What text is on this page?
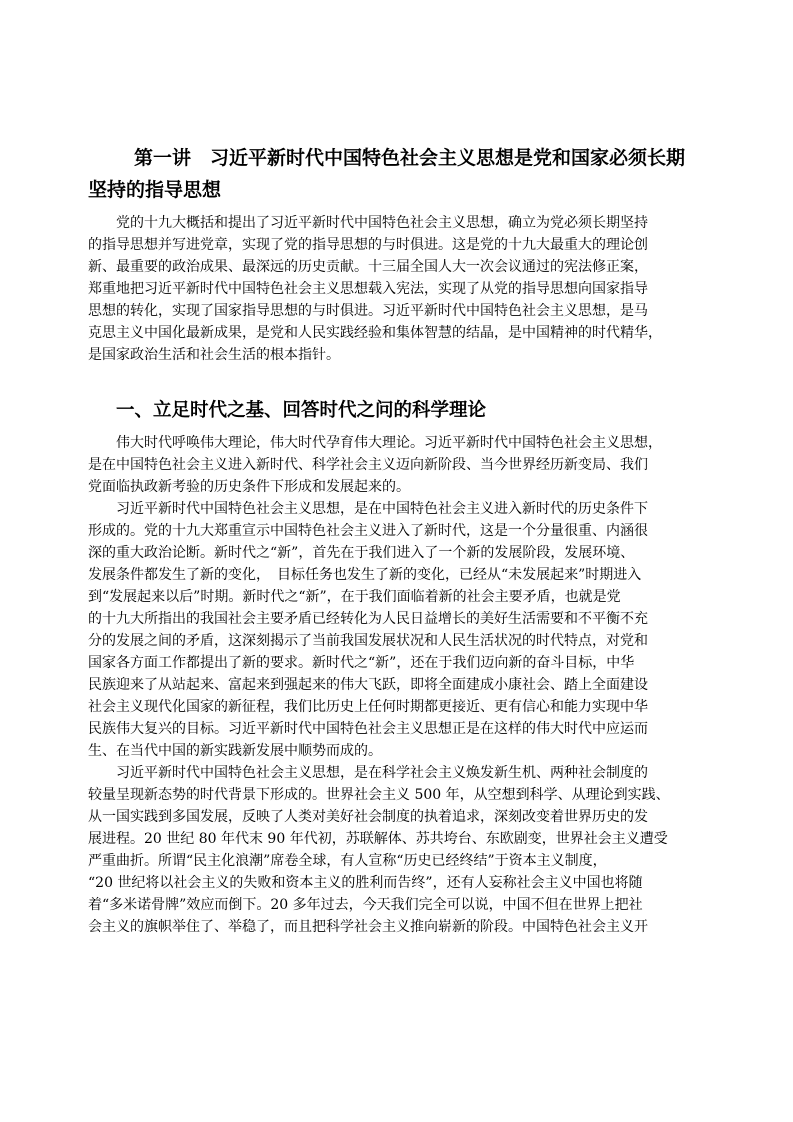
第一讲　习近平新时代中国特色社会主义思想是党和国家必须长期
坚持的指导思想
　　党的十九大概括和提出了习近平新时代中国特色社会主义思想，确立为党必须长期坚持
的指导思想并写进党章，实现了党的指导思想的与时俱进。这是党的十九大最重大的理论创
新、最重要的政治成果、最深远的历史贡献。十三届全国人大一次会议通过的宪法修正案，
郑重地把习近平新时代中国特色社会主义思想载入宪法，实现了从党的指导思想向国家指导
思想的转化，实现了国家指导思想的与时俱进。习近平新时代中国特色社会主义思想，是马
克思主义中国化最新成果，是党和人民实践经验和集体智慧的结晶，是中国精神的时代精华，
是国家政治生活和社会生活的根本指针。
一、立足时代之基、回答时代之问的科学理论
　　伟大时代呼唤伟大理论，伟大时代孕育伟大理论。习近平新时代中国特色社会主义思想，
是在中国特色社会主义进入新时代、科学社会主义迈向新阶段、当今世界经历新变局、我们
党面临执政新考验的历史条件下形成和发展起来的。
　　习近平新时代中国特色社会主义思想，是在中国特色社会主义进入新时代的历史条件下
形成的。党的十九大郑重宣示中国特色社会主义进入了新时代，这是一个分量很重、内涵很
深的重大政治论断。新时代之“新”，首先在于我们进入了一个新的发展阶段，发展环境、
发展条件都发生了新的变化，　目标任务也发生了新的变化，已经从“未发展起来”时期进入
到“发展起来以后”时期。新时代之“新”，在于我们面临着新的社会主要矛盾，也就是党
的十九大所指出的我国社会主要矛盾已经转化为人民日益增长的美好生活需要和不平衡不充
分的发展之间的矛盾，这深刻揭示了当前我国发展状况和人民生活状况的时代特点，对党和
国家各方面工作都提出了新的要求。新时代之“新”，还在于我们迈向新的奋斗目标，中华
民族迎来了从站起来、富起来到强起来的伟大飞跃，即将全面建成小康社会、踏上全面建设
社会主义现代化国家的新征程，我们比历史上任何时期都更接近、更有信心和能力实现中华
民族伟大复兴的目标。习近平新时代中国特色社会主义思想正是在这样的伟大时代中应运而
生、在当代中国的新实践新发展中顺势而成的。
　　习近平新时代中国特色社会主义思想，是在科学社会主义焕发新生机、两种社会制度的
较量呈现新态势的时代背景下形成的。世界社会主义 500 年，从空想到科学、从理论到实践、
从一国实践到多国发展，反映了人类对美好社会制度的执着追求，深刻改变着世界历史的发
展进程。20 世纪 80 年代末 90 年代初，苏联解体、苏共垮台、东欧剧变，世界社会主义遭受
严重曲折。所谓“民主化浪潮”席卷全球，有人宣称“历史已经终结”于资本主义制度，
“20 世纪将以社会主义的失败和资本主义的胜利而告终”，还有人妄称社会主义中国也将随
着“多米诺骨牌”效应而倒下。20 多年过去，今天我们完全可以说，中国不但在世界上把社
会主义的旗帜举住了、举稳了，而且把科学社会主义推向崭新的阶段。中国特色社会主义开
